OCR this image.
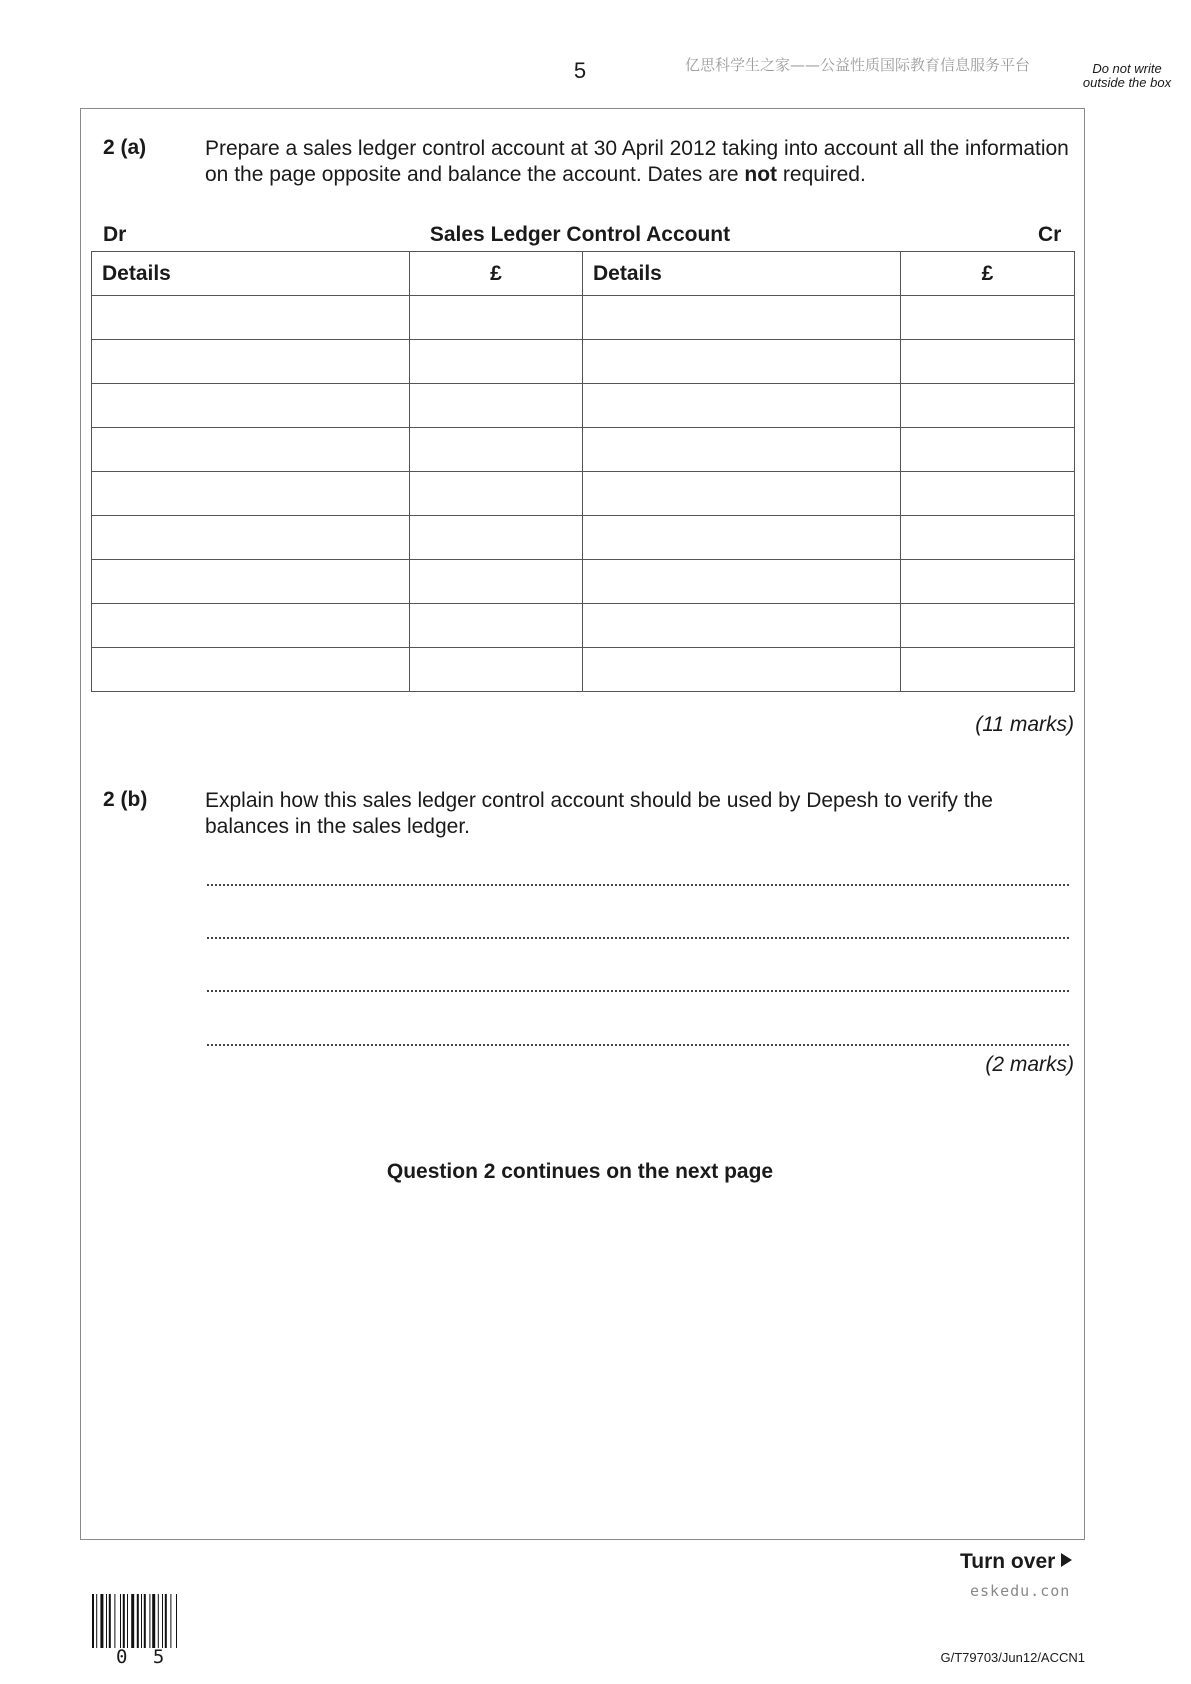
5	亿思科学生之家——公益性质国际教育信息服务平台	Do not write outside the box
2 (a)	Prepare a sales ledger control account at 30 April 2012 taking into account all the information on the page opposite and balance the account. Dates are not required.
Dr	Sales Ledger Control Account	Cr
Details	£	Details	£

(11 marks)
2 (b)	Explain how this sales ledger control account should be used by Depesh to verify the balances in the sales ledger.
(2 marks)
Question 2 continues on the next page
Turn over
eskedu.con
0 5	G/T79703/Jun12/ACCN1
